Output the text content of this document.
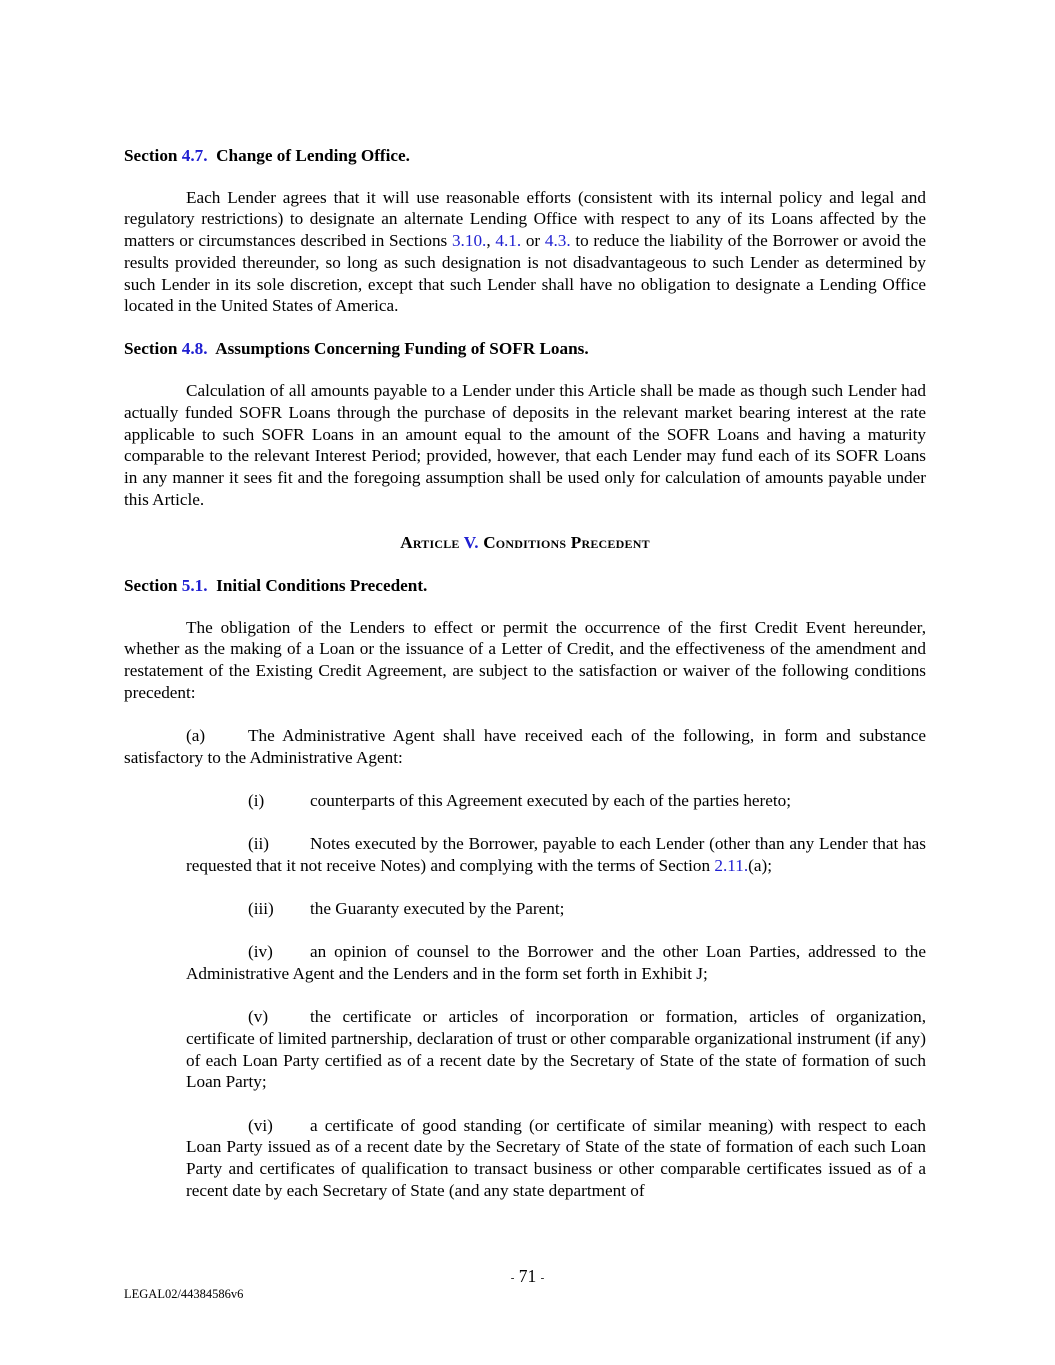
Section 4.7.  Change of Lending Office.

Each Lender agrees that it will use reasonable efforts (consistent with its internal policy and legal and regulatory restrictions) to designate an alternate Lending Office with respect to any of its Loans affected by the matters or circumstances described in Sections 3.10., 4.1. or 4.3. to reduce the liability of the Borrower or avoid the results provided thereunder, so long as such designation is not disadvantageous to such Lender as determined by such Lender in its sole discretion, except that such Lender shall have no obligation to designate a Lending Office located in the United States of America.

Section 4.8.  Assumptions Concerning Funding of SOFR Loans.

Calculation of all amounts payable to a Lender under this Article shall be made as though such Lender had actually funded SOFR Loans through the purchase of deposits in the relevant market bearing interest at the rate applicable to such SOFR Loans in an amount equal to the amount of the SOFR Loans and having a maturity comparable to the relevant Interest Period; provided, however, that each Lender may fund each of its SOFR Loans in any manner it sees fit and the foregoing assumption shall be used only for calculation of amounts payable under this Article.

Article V. Conditions Precedent

Section 5.1.  Initial Conditions Precedent.

The obligation of the Lenders to effect or permit the occurrence of the first Credit Event hereunder, whether as the making of a Loan or the issuance of a Letter of Credit, and the effectiveness of the amendment and restatement of the Existing Credit Agreement, are subject to the satisfaction or waiver of the following conditions precedent:

(a) The Administrative Agent shall have received each of the following, in form and substance satisfactory to the Administrative Agent:

(i)	counterparts of this Agreement executed by each of the parties hereto;

(ii) Notes executed by the Borrower, payable to each Lender (other than any Lender that has requested that it not receive Notes) and complying with the terms of Section 2.11.(a);

(iii) the Guaranty executed by the Parent;

(iv) an opinion of counsel to the Borrower and the other Loan Parties, addressed to the Administrative Agent and the Lenders and in the form set forth in Exhibit J;

(v) the certificate or articles of incorporation or formation, articles of organization, certificate of limited partnership, declaration of trust or other comparable organizational instrument (if any) of each Loan Party certified as of a recent date by the Secretary of State of the state of formation of such Loan Party;

(vi) a certificate of good standing (or certificate of similar meaning) with respect to each Loan Party issued as of a recent date by the Secretary of State of the state of formation of each such Loan Party and certificates of qualification to transact business or other comparable certificates issued as of a recent date by each Secretary of State (and any state department of

- 71 -
LEGAL02/44384586v6
